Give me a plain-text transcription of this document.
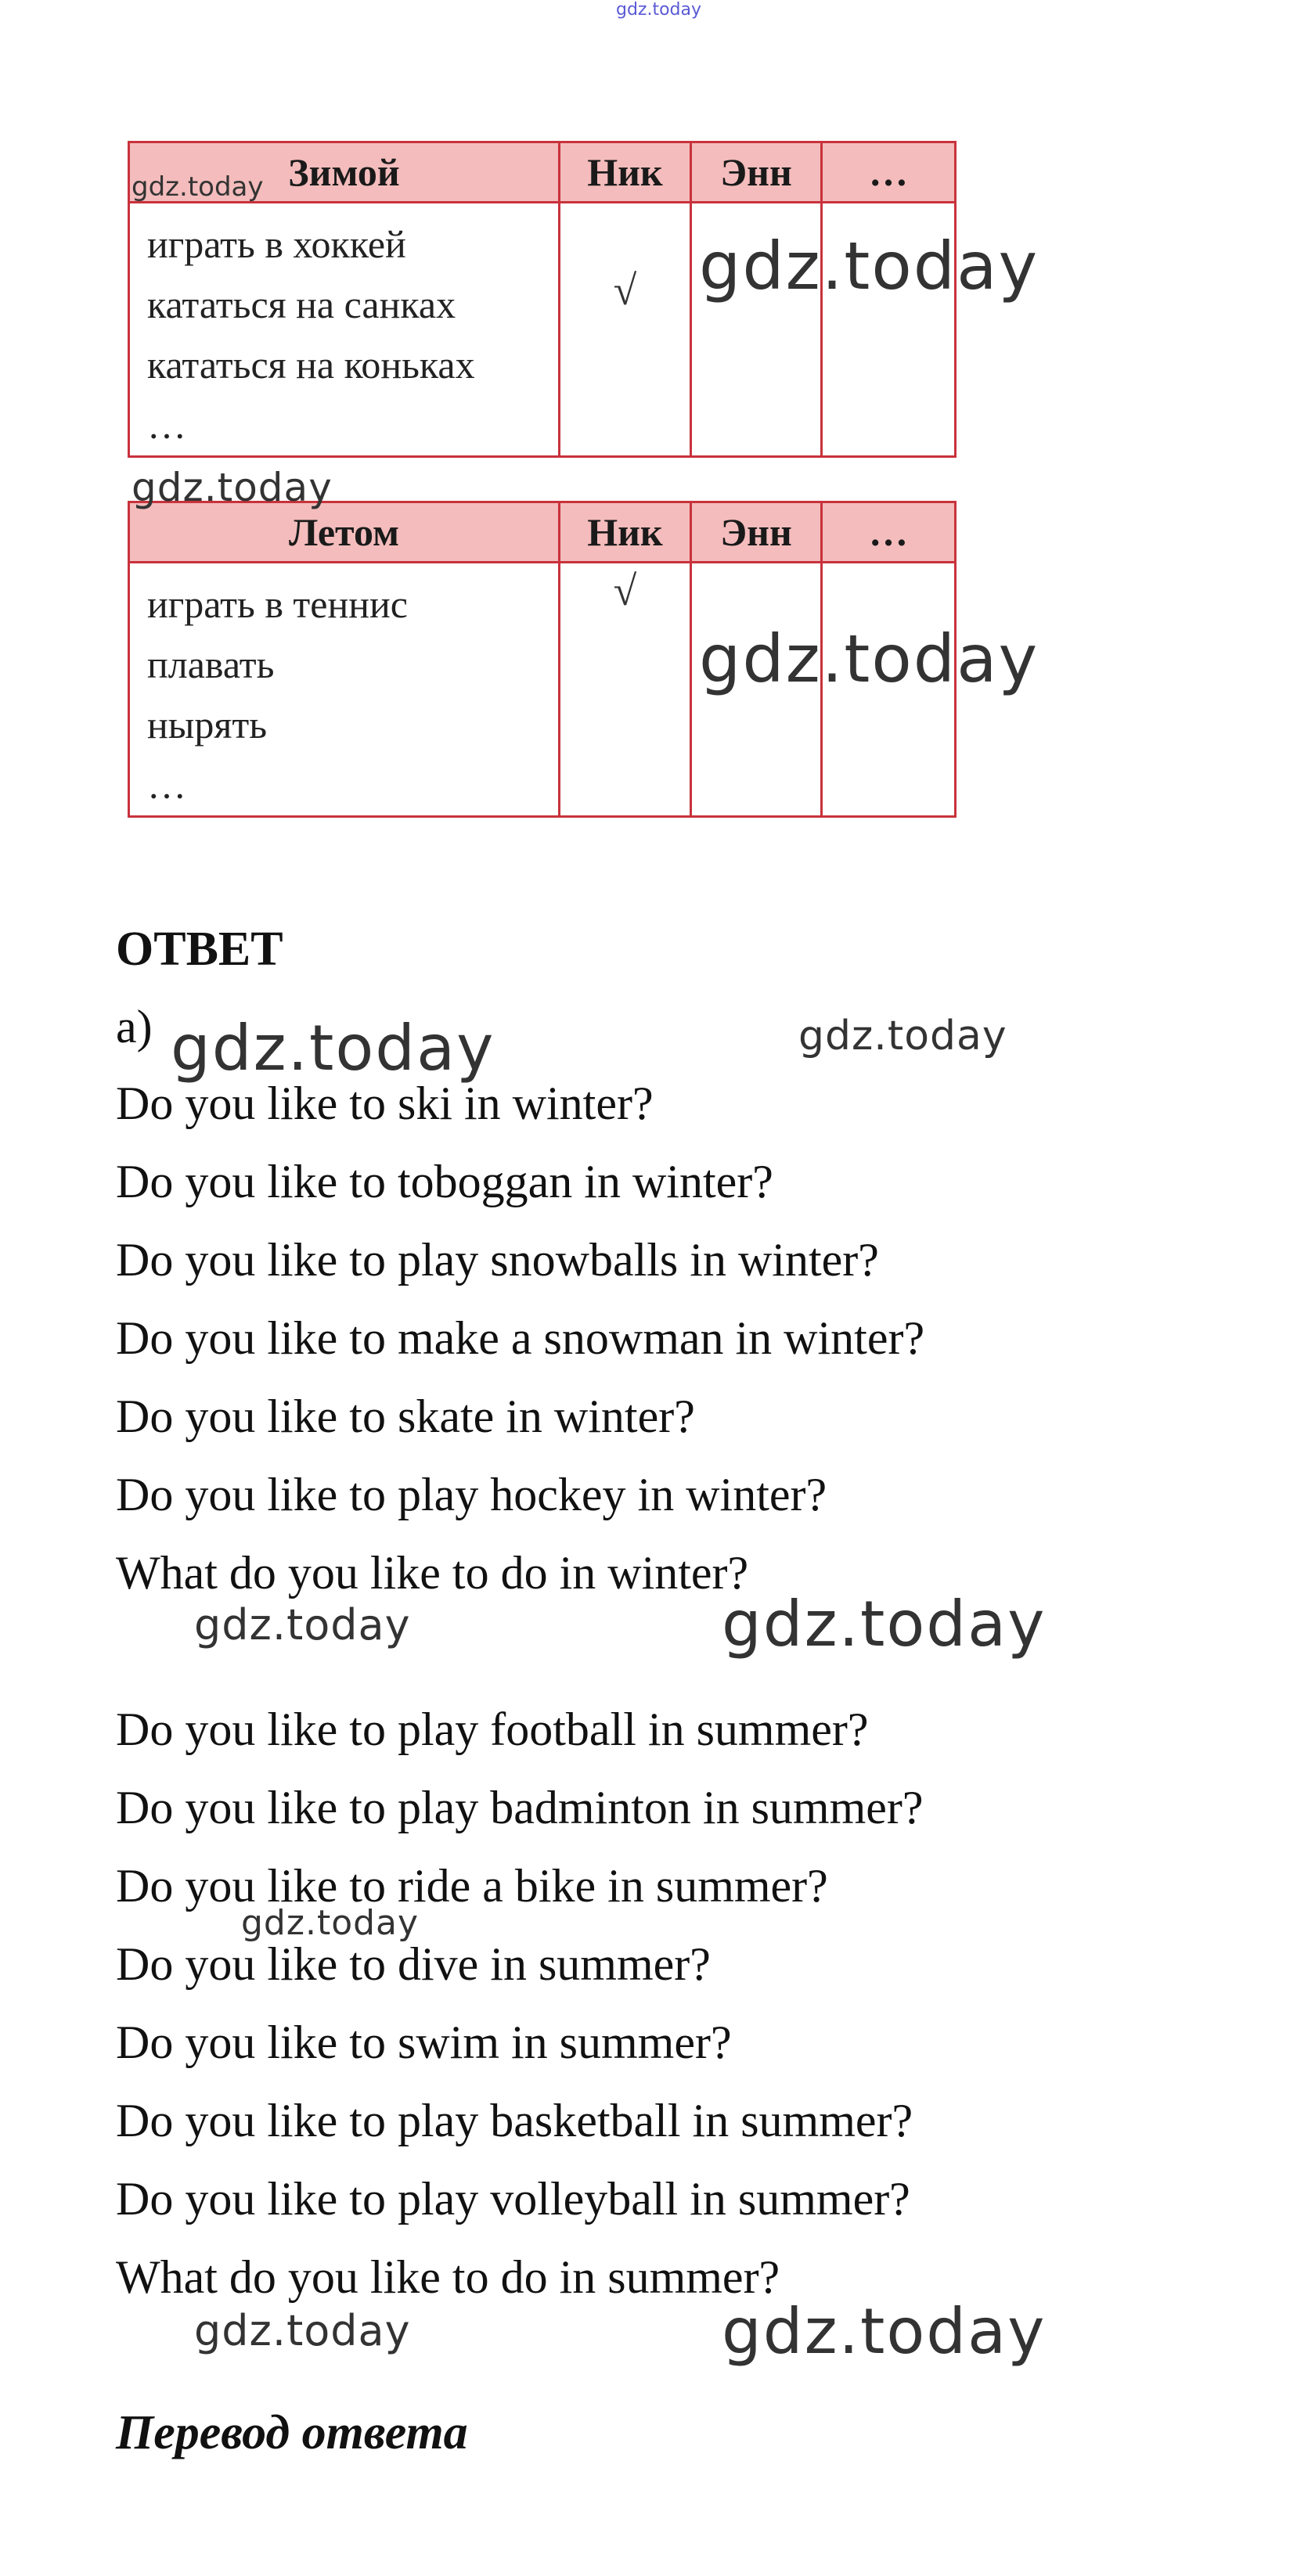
gdz.today
Зимой	Ник	Энн	…

играть в хоккей
кататься на санках
кататься на коньках
…	√		

Летом	Ник	Энн	…

играть в теннис
плавать
нырять
…	√		

ОТВЕТ
a)
Do you like to ski in winter?
Do you like to toboggan in winter?
Do you like to play snowballs in winter?
Do you like to make a snowman in winter?
Do you like to skate in winter?
Do you like to play hockey in winter?
What do you like to do in winter?
Do you like to play football in summer?
Do you like to play badminton in summer?
Do you like to ride a bike in summer?
Do you like to dive in summer?
Do you like to swim in summer?
Do you like to play basketball in summer?
Do you like to play volleyball in summer?
What do you like to do in summer?
Перевод ответа
gdz.today
gdz.today
gdz.today
gdz.today
gdz.today	gdz.today
gdz.today	gdz.today
gdz.today
gdz.today	gdz.today
